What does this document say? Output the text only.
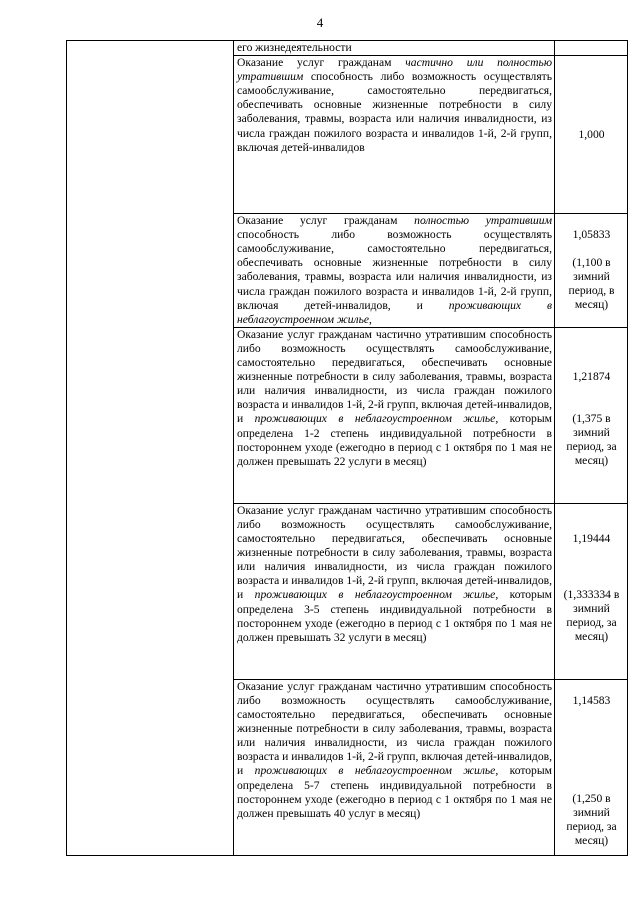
4

	его жизнедеятельности	

	Оказание услуг гражданам частично или полностью утратившим способность либо возможность осуществлять самообслуживание, самостоятельно передвигаться, обеспечивать основные жизненные потребности в силу заболевания, травмы, возраста или наличия инвалидности, из числа граждан пожилого возраста и инвалидов 1-й, 2-й групп, включая детей-инвалидов	1,000

	Оказание услуг гражданам полностью утратившим способность либо возможность осуществлять самообслуживание, самостоятельно передвигаться, обеспечивать основные жизненные потребности в силу заболевания, травмы, возраста или наличия инвалидности, из числа граждан пожилого возраста и инвалидов 1-й, 2-й групп, включая детей-инвалидов, и проживающих в неблагоустроенном жилье,	1,05833
(1,100 в зимний период, в месяц)

	Оказание услуг гражданам частично утратившим способность либо возможность осуществлять самообслуживание, самостоятельно передвигаться, обеспечивать основные жизненные потребности в силу заболевания, травмы, возраста или наличия инвалидности, из числа граждан пожилого возраста и инвалидов 1-й, 2-й групп, включая детей-инвалидов, и проживающих в неблагоустроенном жилье, которым определена 1-2 степень индивидуальной потребности в постороннем уходе (ежегодно в период с 1 октября по 1 мая не должен превышать 22 услуги в месяц)	1,21874
(1,375 в зимний период, за месяц)

	Оказание услуг гражданам частично утратившим способность либо возможность осуществлять самообслуживание, самостоятельно передвигаться, обеспечивать основные жизненные потребности в силу заболевания, травмы, возраста или наличия инвалидности, из числа граждан пожилого возраста и инвалидов 1-й, 2-й групп, включая детей-инвалидов, и проживающих в неблагоустроенном жилье, которым определена 3-5 степень индивидуальной потребности в постороннем уходе (ежегодно в период с 1 октября по 1 мая не должен превышать 32 услуги в месяц)	1,19444
(1,333334 в зимний период, за месяц)

	Оказание услуг гражданам частично утратившим способность либо возможность осуществлять самообслуживание, самостоятельно передвигаться, обеспечивать основные жизненные потребности в силу заболевания, травмы, возраста или наличия инвалидности, из числа граждан пожилого возраста и инвалидов 1-й, 2-й групп, включая детей-инвалидов, и проживающих в неблагоустроенном жилье, которым определена 5-7 степень индивидуальной потребности в постороннем уходе (ежегодно в период с 1 октября по 1 мая не должен превышать 40 услуг в месяц)	1,14583
(1,250 в зимний период, за месяц)
